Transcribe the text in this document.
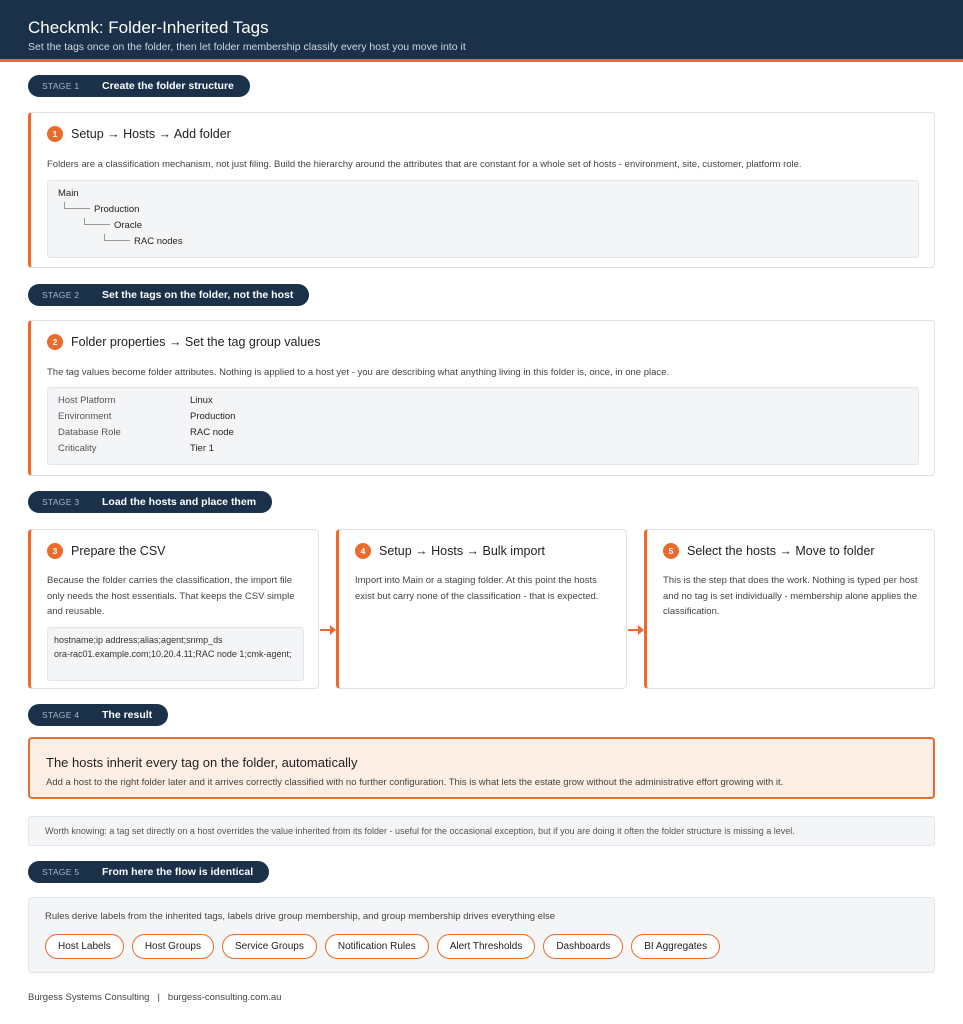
Checkmk: Folder-Inherited Tags
Set the tags once on the folder, then let folder membership classify every host you move into it
STAGE 1	Create the folder structure
1	Setup → Hosts → Add folder
Folders are a classification mechanism, not just filing. Build the hierarchy around the attributes that are constant for a whole set of hosts - environment, site, customer, platform role.
Main
Production
Oracle
RAC nodes
STAGE 2	Set the tags on the folder, not the host
2	Folder properties → Set the tag group values
The tag values become folder attributes. Nothing is applied to a host yet - you are describing what anything living in this folder is, once, in one place.
Host Platform	Linux
Environment	Production
Database Role	RAC node
Criticality	Tier 1
STAGE 3	Load the hosts and place them
3	Prepare the CSV
Because the folder carries the classification, the import file only needs the host essentials. That keeps the CSV simple and reusable.
hostname;ip address;alias;agent;snmp_ds
ora-rac01.example.com;10.20.4.11;RAC node 1;cmk-agent;
4	Setup → Hosts → Bulk import
Import into Main or a staging folder. At this point the hosts exist but carry none of the classification - that is expected.
5	Select the hosts → Move to folder
This is the step that does the work. Nothing is typed per host and no tag is set individually - membership alone applies the classification.
STAGE 4	The result
The hosts inherit every tag on the folder, automatically
Add a host to the right folder later and it arrives correctly classified with no further configuration. This is what lets the estate grow without the administrative effort growing with it.
Worth knowing: a tag set directly on a host overrides the value inherited from its folder - useful for the occasional exception, but if you are doing it often the folder structure is missing a level.
STAGE 5	From here the flow is identical
Rules derive labels from the inherited tags, labels drive group membership, and group membership drives everything else
Host Labels	Host Groups	Service Groups	Notification Rules	Alert Thresholds	Dashboards	BI Aggregates
Burgess Systems Consulting | burgess-consulting.com.au
